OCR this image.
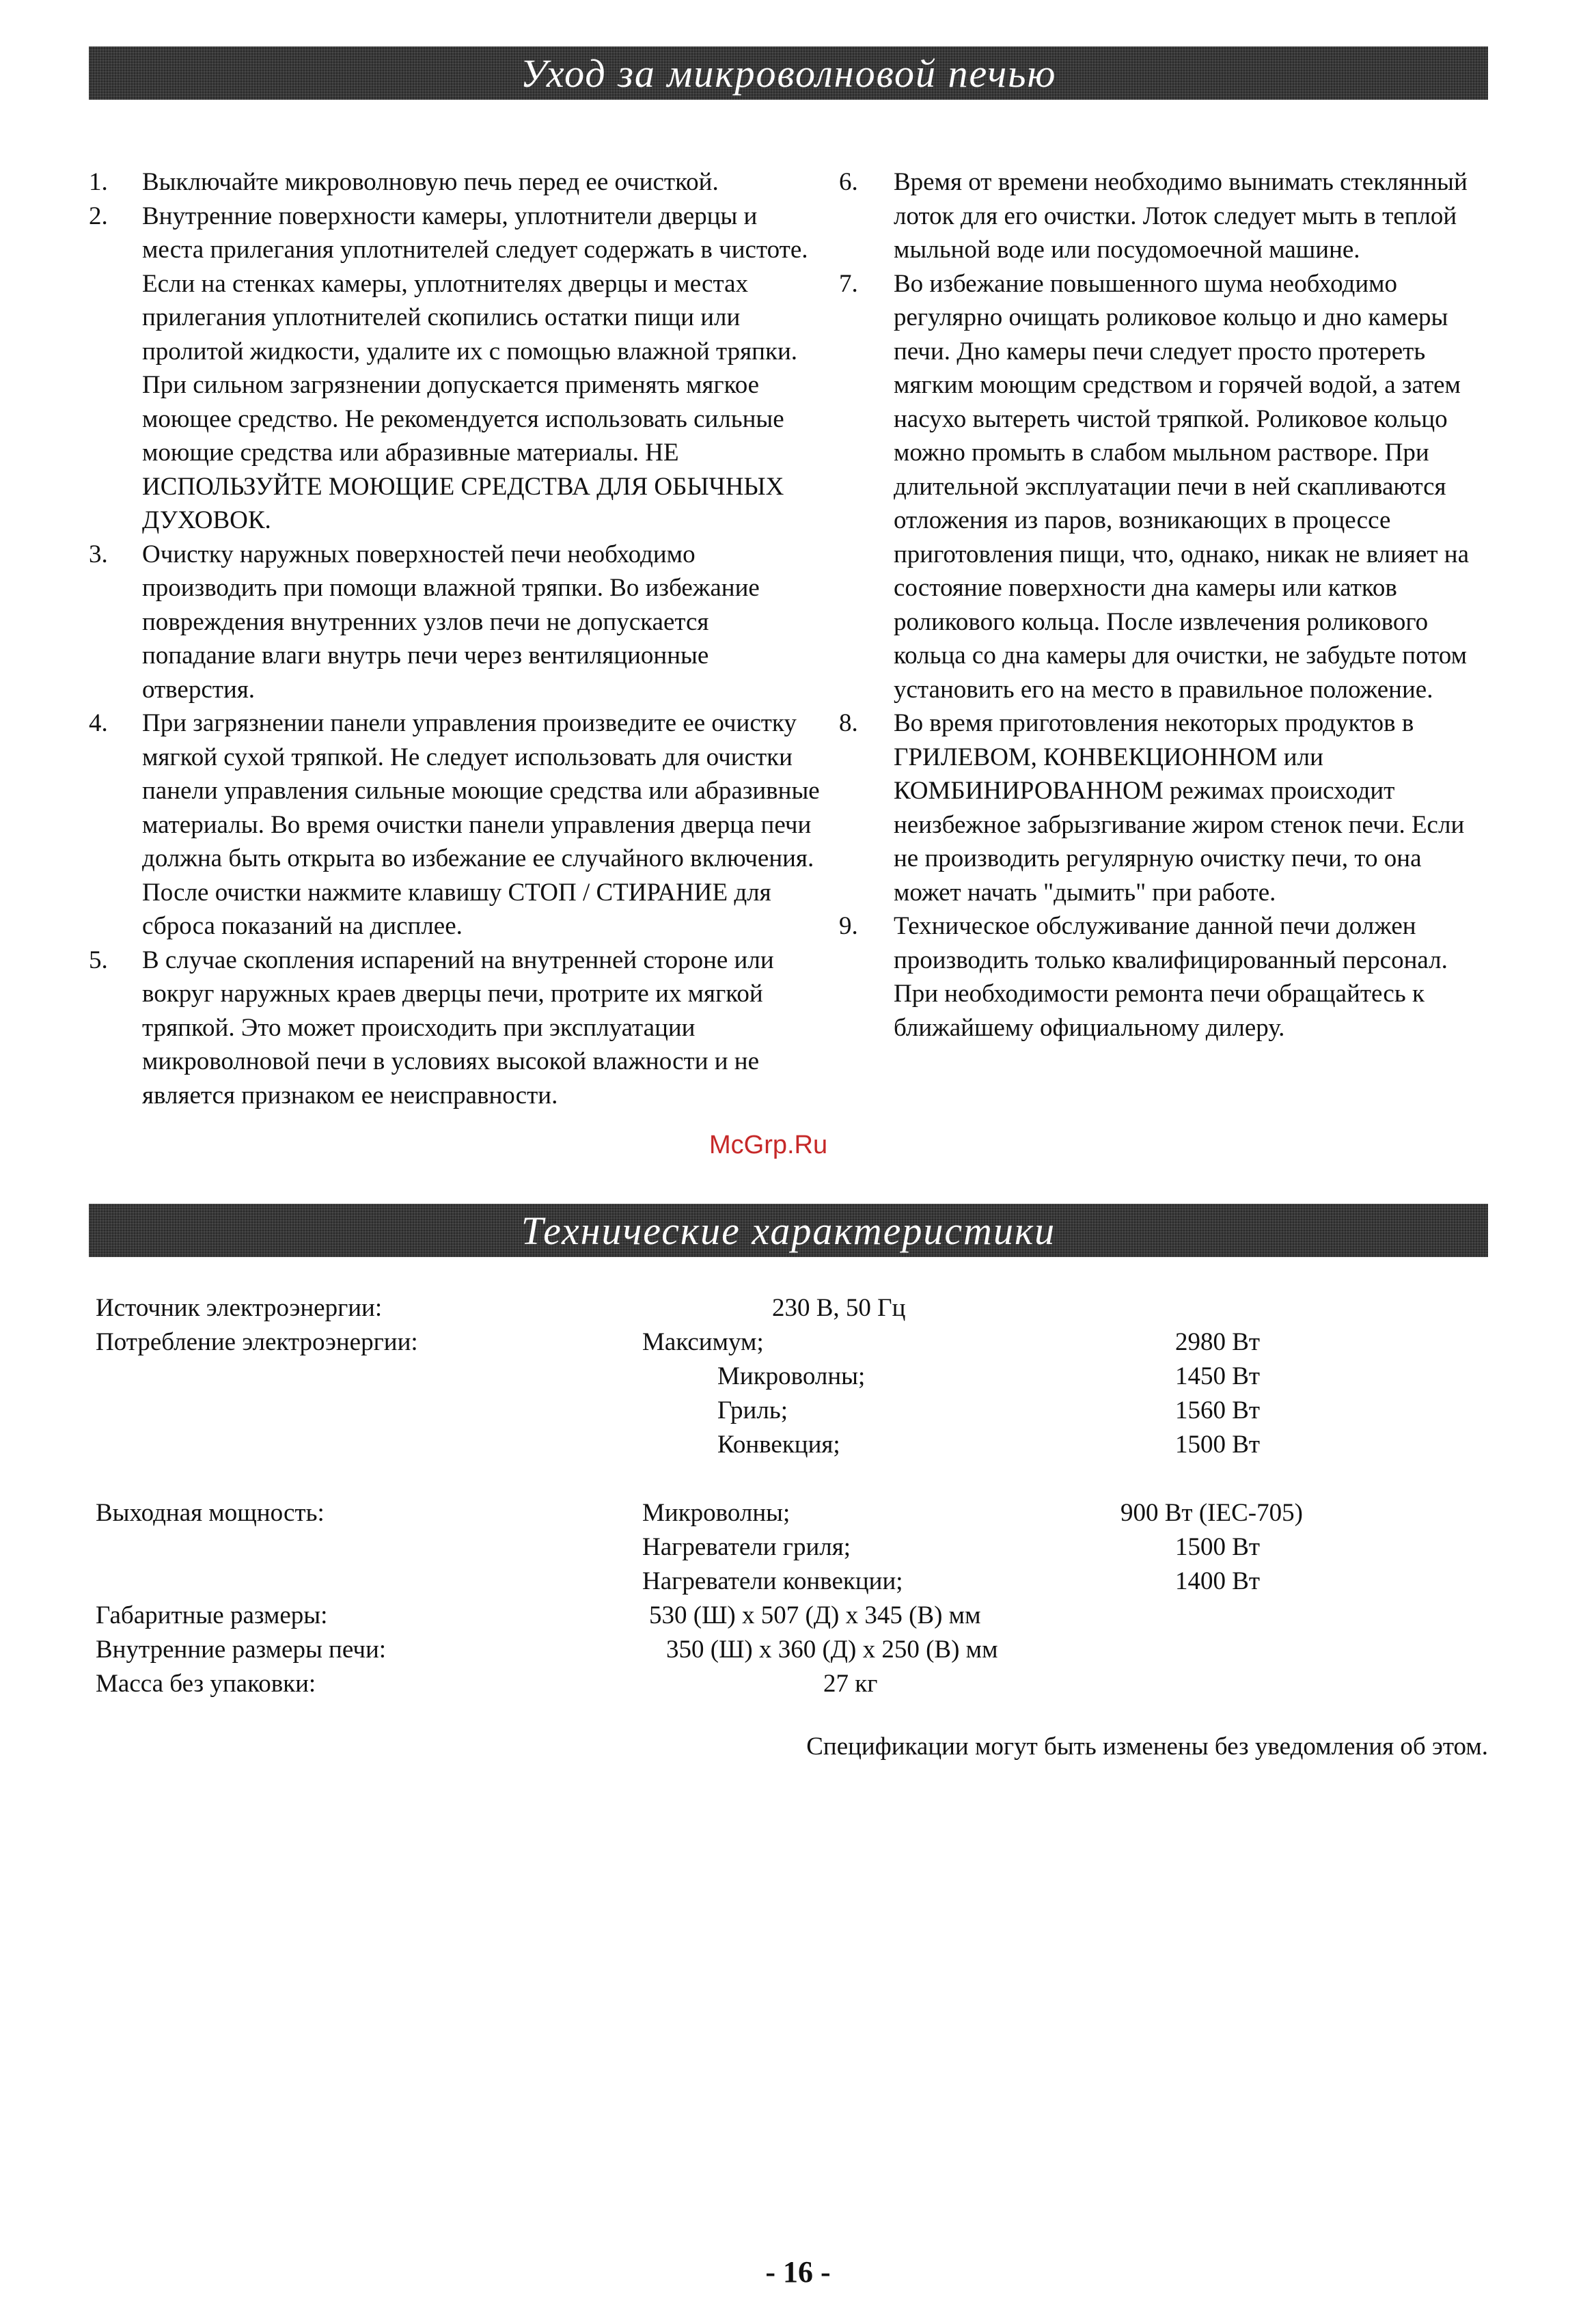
Уход за микроволновой печью
1.	Выключайте микроволновую печь перед ее очисткой.
2.	Внутренние поверхности камеры, уплотнители дверцы и места прилегания уплотнителей следует содержать в чистоте. Если на стенках камеры, уплотнителях дверцы и местах прилегания уплотнителей скопились остатки пищи или пролитой жидкости, удалите их с помощью влажной тряпки. При сильном загрязнении допускается применять мягкое моющее средство. Не рекомендуется использовать сильные моющие средства или абразивные материалы. НЕ ИСПОЛЬЗУЙТЕ МОЮЩИЕ СРЕДСТВА ДЛЯ ОБЫЧНЫХ ДУХОВОК.
3.	Очистку наружных поверхностей печи необходимо производить при помощи влажной тряпки. Во избежание повреждения внутренних узлов печи не допускается попадание влаги внутрь печи через вентиляционные отверстия.
4.	При загрязнении панели управления произведите ее очистку мягкой сухой тряпкой. Не следует использовать для очистки панели управления сильные моющие средства или абразивные материалы. Во время очистки панели управления дверца печи должна быть открыта во избежание ее случайного включения. После очистки нажмите клавишу СТОП / СТИРАНИЕ для сброса показаний на дисплее.
5.	В случае скопления испарений на внутренней стороне или вокруг наружных краев дверцы печи, протрите их мягкой тряпкой. Это может происходить при эксплуатации микроволновой печи в условиях высокой влажности и не является признаком ее неисправности.
6.	Время от времени необходимо вынимать стеклянный лоток для его очистки. Лоток следует мыть в теплой мыльной воде или посудомоечной машине.
7.	Во избежание повышенного шума необходимо регулярно очищать роликовое кольцо и дно камеры печи. Дно камеры печи следует просто протереть мягким моющим средством и горячей водой, а затем насухо вытереть чистой тряпкой. Роликовое кольцо можно промыть в слабом мыльном растворе. При длительной эксплуатации печи в ней скапливаются отложения из паров, возникающих в процессе приготовления пищи, что, однако, никак не влияет на состояние поверхности дна камеры или катков роликового кольца. После извлечения роликового кольца со дна камеры для очистки, не забудьте потом установить его на место в правильное положение.
8.	Во время приготовления некоторых продуктов в ГРИЛЕВОМ, КОНВЕКЦИОННОМ или КОМБИНИРОВАННОМ режимах происходит неизбежное забрызгивание жиром стенок печи. Если не производить регулярную очистку печи, то она может начать "дымить" при работе.
9.	Техническое обслуживание данной печи должен производить только квалифицированный персонал. При необходимости ремонта печи обращайтесь к ближайшему официальному дилеру.
McGrp.Ru
Технические характеристики
Источник электроэнергии:	230 В, 50 Гц
Потребление электроэнергии:	Максимум;	2980 Вт
Микроволны;	1450 Вт
Гриль;	1560 Вт
Конвекция;	1500 Вт
Выходная мощность:	Микроволны;	900 Вт (IEC-705)
Нагреватели гриля;	1500 Вт
Нагреватели конвекции;	1400 Вт
Габаритные размеры:	530 (Ш) x 507 (Д) x 345 (В) мм
Внутренние размеры печи:	350 (Ш) x 360 (Д) x 250 (В) мм
Масса без упаковки:	27 кг
Спецификации могут быть изменены без уведомления об этом.
- 16 -
